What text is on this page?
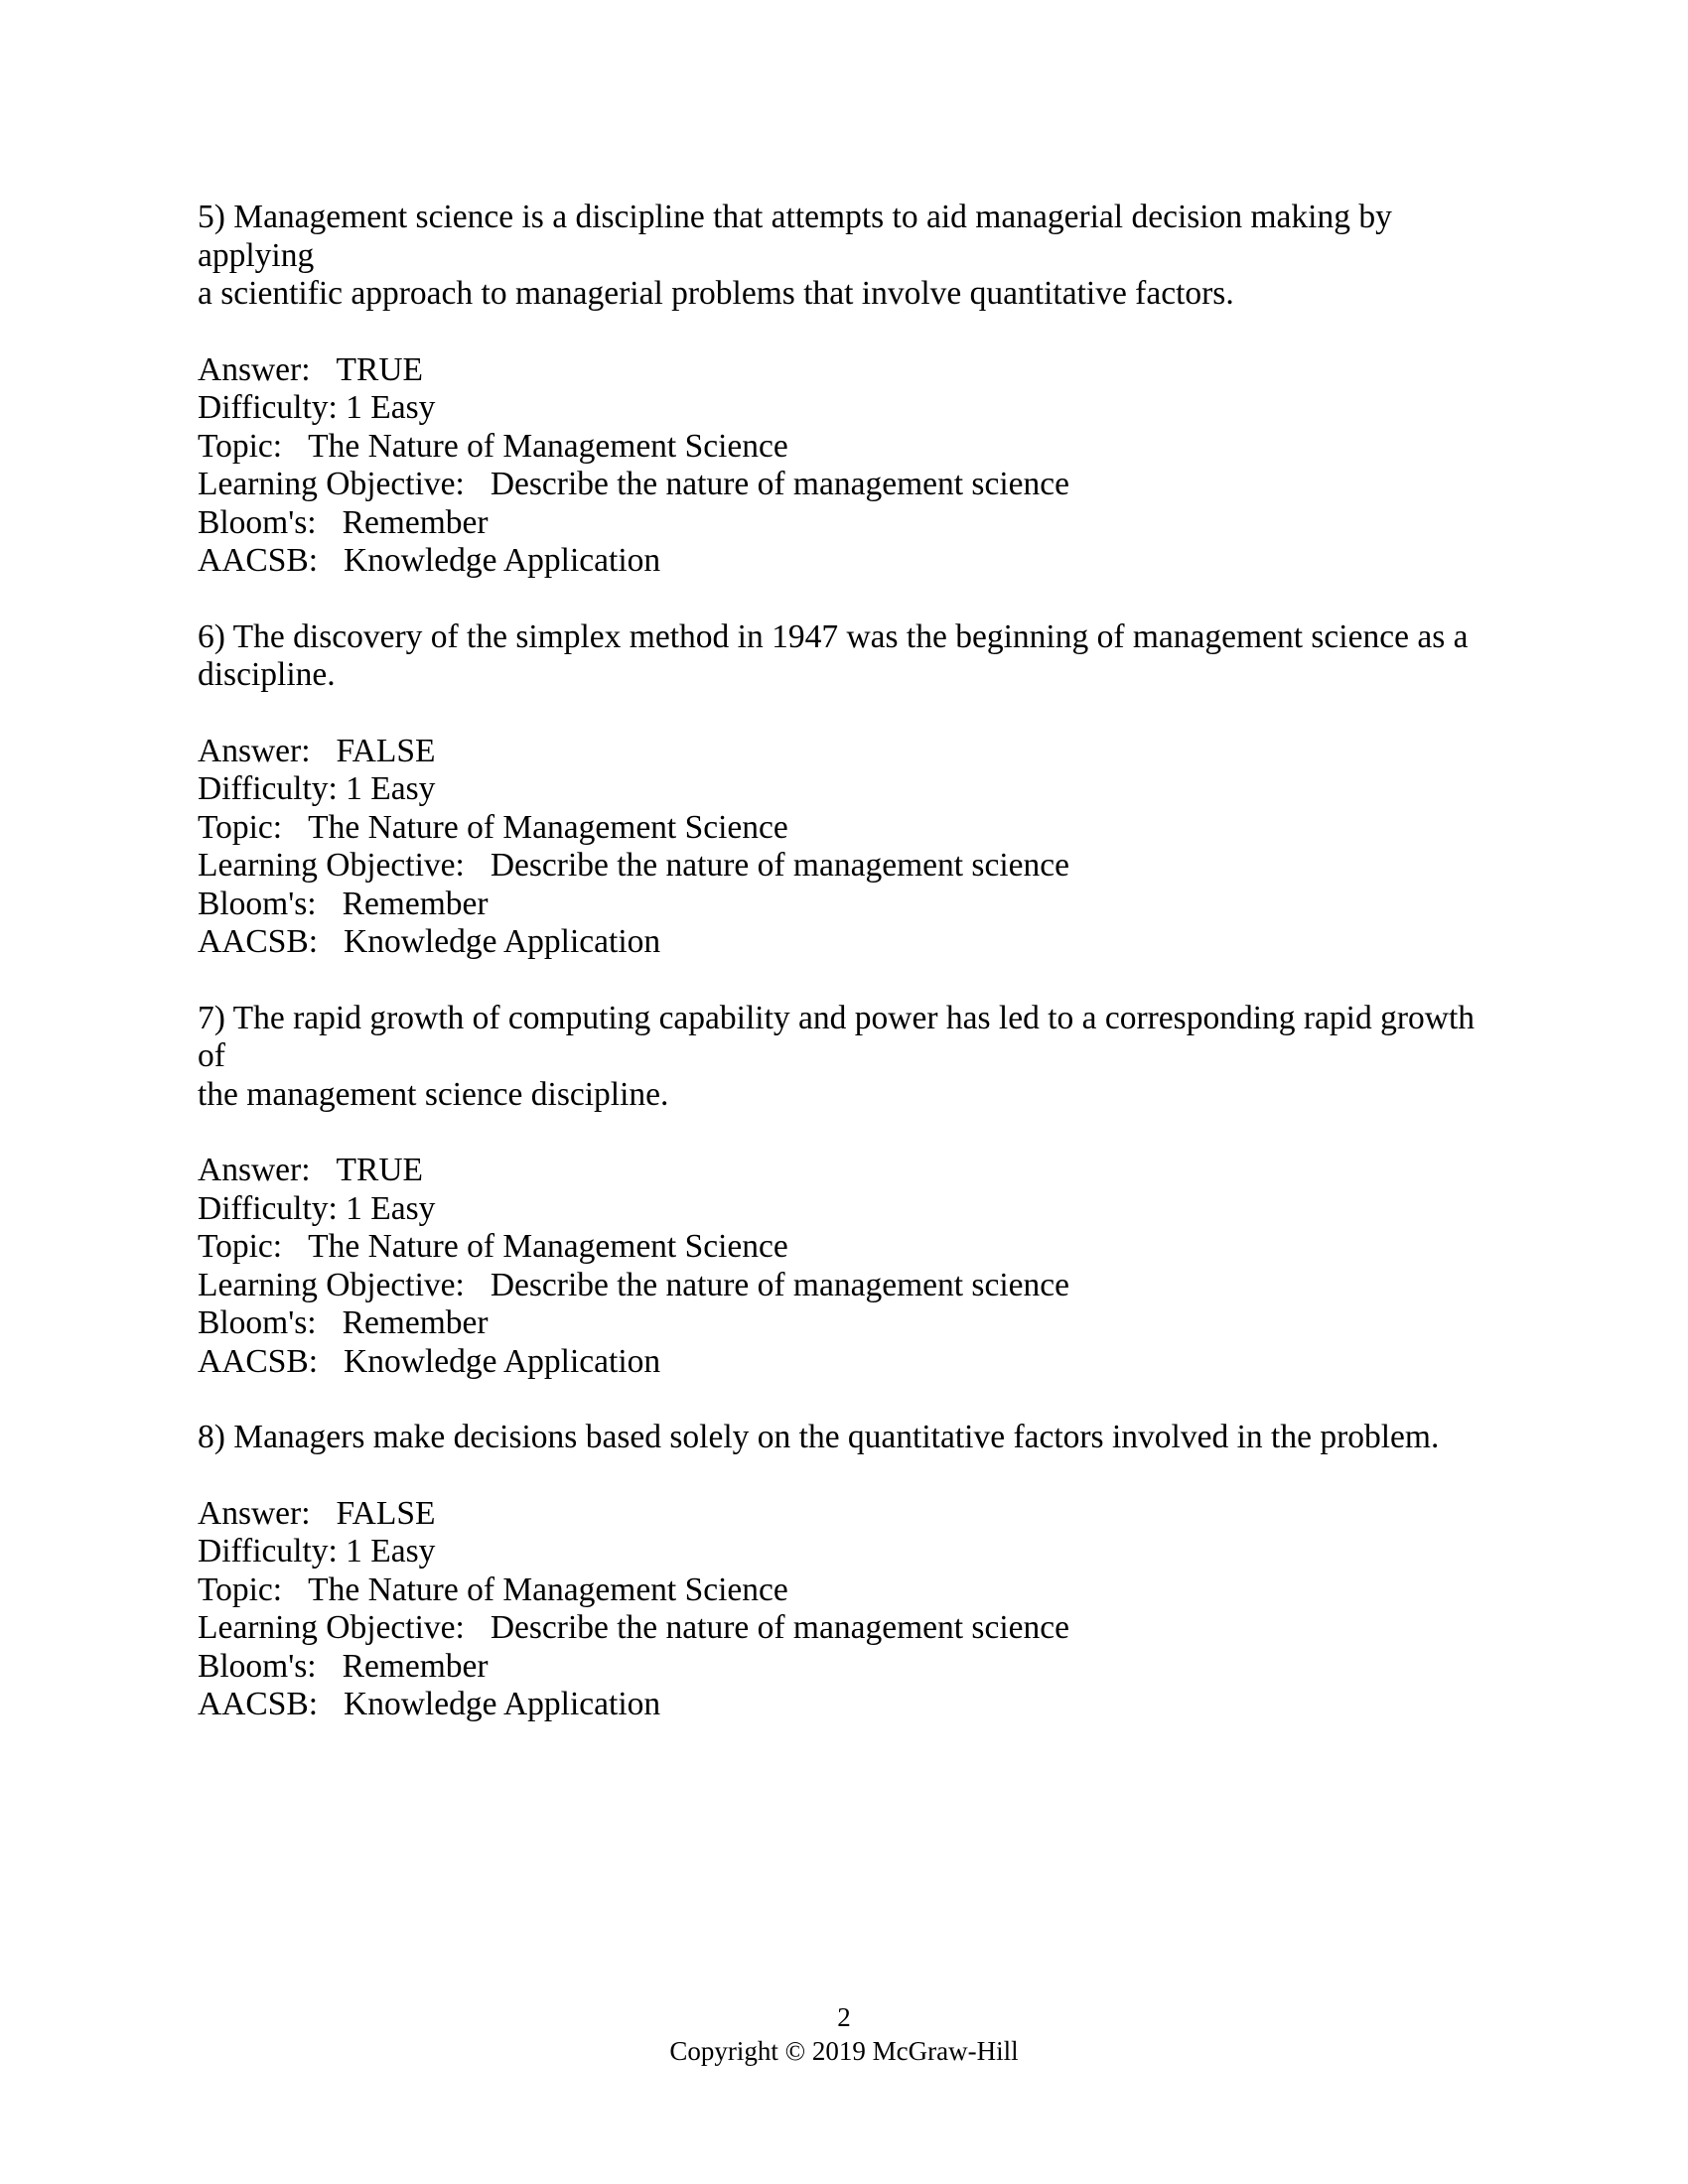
5) Management science is a discipline that attempts to aid managerial decision making by applying
a scientific approach to managerial problems that involve quantitative factors.

Answer: TRUE
Difficulty: 1 Easy
Topic: The Nature of Management Science
Learning Objective: Describe the nature of management science
Bloom's: Remember
AACSB: Knowledge Application

6) The discovery of the simplex method in 1947 was the beginning of management science as a
discipline.

Answer: FALSE
Difficulty: 1 Easy
Topic: The Nature of Management Science
Learning Objective: Describe the nature of management science
Bloom's: Remember
AACSB: Knowledge Application

7) The rapid growth of computing capability and power has led to a corresponding rapid growth of
the management science discipline.

Answer: TRUE
Difficulty: 1 Easy
Topic: The Nature of Management Science
Learning Objective: Describe the nature of management science
Bloom's: Remember
AACSB: Knowledge Application

8) Managers make decisions based solely on the quantitative factors involved in the problem.

Answer: FALSE
Difficulty: 1 Easy
Topic: The Nature of Management Science
Learning Objective: Describe the nature of management science
Bloom's: Remember
AACSB: Knowledge Application
2
Copyright © 2019 McGraw-Hill
